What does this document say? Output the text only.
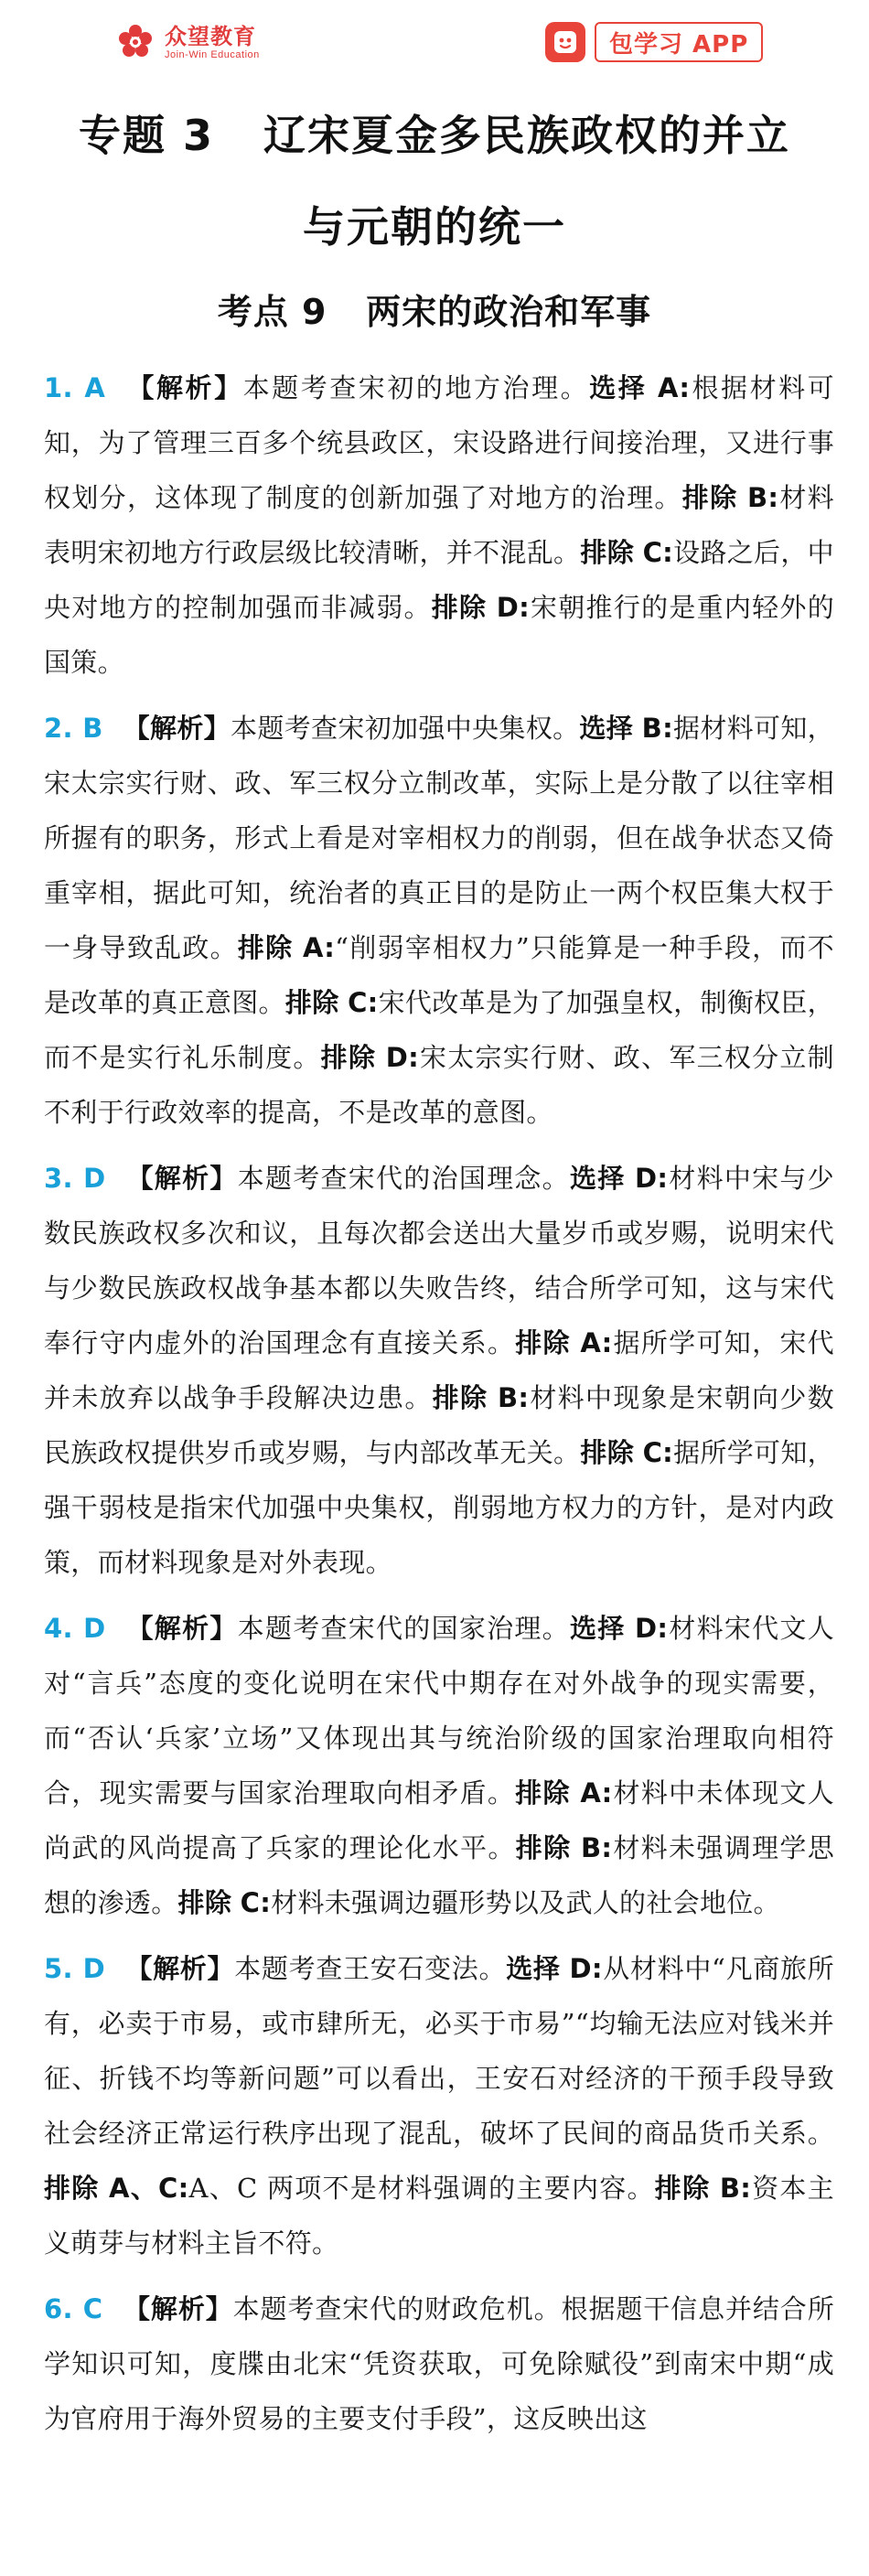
众望教育
Join-Win Education	包学习 APP
专题 3   辽宋夏金多民族政权的并立
与元朝的统一
考点 9   两宋的政治和军事

1. A 【解析】本题考查宋初的地方治理。选择 A:根据材料可知，为了管理三百多个统县政区，宋设路进行间接治理，又进行事权划分，这体现了制度的创新加强了对地方的治理。排除 B:材料表明宋初地方行政层级比较清晰，并不混乱。排除 C:设路之后，中央对地方的控制加强而非减弱。排除 D:宋朝推行的是重内轻外的国策。

2. B 【解析】本题考查宋初加强中央集权。选择 B:据材料可知，宋太宗实行财、政、军三权分立制改革，实际上是分散了以往宰相所握有的职务，形式上看是对宰相权力的削弱，但在战争状态又倚重宰相，据此可知，统治者的真正目的是防止一两个权臣集大权于一身导致乱政。排除 A:“削弱宰相权力”只能算是一种手段，而不是改革的真正意图。排除 C:宋代改革是为了加强皇权，制衡权臣，而不是实行礼乐制度。排除 D:宋太宗实行财、政、军三权分立制不利于行政效率的提高，不是改革的意图。

3. D 【解析】本题考查宋代的治国理念。选择 D:材料中宋与少数民族政权多次和议，且每次都会送出大量岁币或岁赐，说明宋代与少数民族政权战争基本都以失败告终，结合所学可知，这与宋代奉行守内虚外的治国理念有直接关系。排除 A:据所学可知，宋代并未放弃以战争手段解决边患。排除 B:材料中现象是宋朝向少数民族政权提供岁币或岁赐，与内部改革无关。排除 C:据所学可知，强干弱枝是指宋代加强中央集权，削弱地方权力的方针，是对内政策，而材料现象是对外表现。

4. D 【解析】本题考查宋代的国家治理。选择 D:材料宋代文人对“言兵”态度的变化说明在宋代中期存在对外战争的现实需要，而“否认‘兵家’立场”又体现出其与统治阶级的国家治理取向相符合，现实需要与国家治理取向相矛盾。排除 A:材料中未体现文人尚武的风尚提高了兵家的理论化水平。排除 B:材料未强调理学思想的渗透。排除 C:材料未强调边疆形势以及武人的社会地位。

5. D 【解析】本题考查王安石变法。选择 D:从材料中“凡商旅所有，必卖于市易，或市肆所无，必买于市易”“均输无法应对钱米并征、折钱不均等新问题”可以看出，王安石对经济的干预手段导致社会经济正常运行秩序出现了混乱，破坏了民间的商品货币关系。排除 A、C:A、C 两项不是材料强调的主要内容。排除 B:资本主义萌芽与材料主旨不符。

6. C 【解析】本题考查宋代的财政危机。根据题干信息并结合所学知识可知，度牒由北宋“凭资获取，可免除赋役”到南宋中期“成为官府用于海外贸易的主要支付手段”，这反映出这
